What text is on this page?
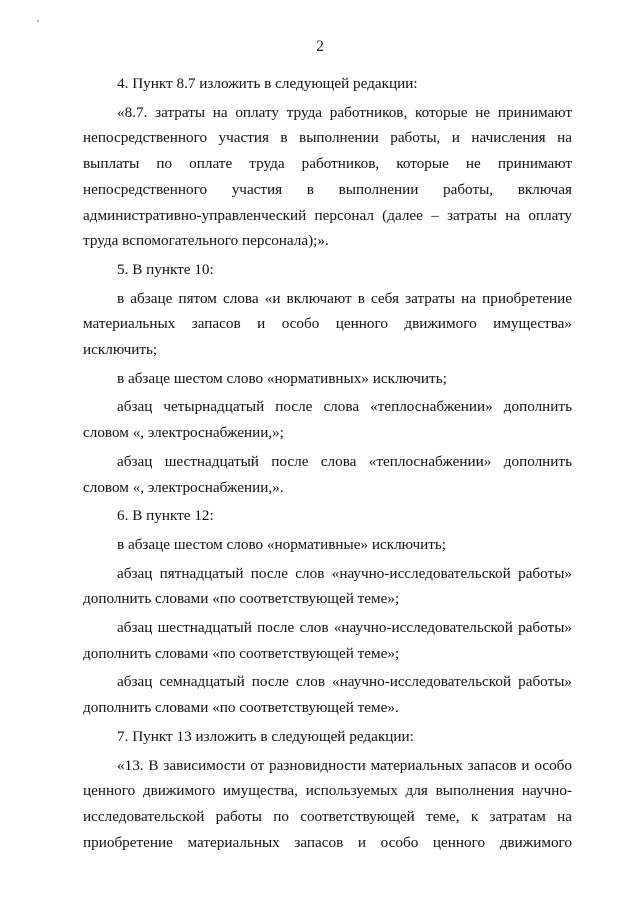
2

4. Пункт 8.7 изложить в следующей редакции:

«8.7. затраты на оплату труда работников, которые не принимают непосредственного участия в выполнении работы, и начисления на выплаты по оплате труда работников, которые не принимают непосредственного участия в выполнении работы, включая административно-управленческий персонал (далее – затраты на оплату труда вспомогательного персонала);».

5. В пункте 10:

в абзаце пятом слова «и включают в себя затраты на приобретение материальных запасов и особо ценного движимого имущества» исключить;

в абзаце шестом слово «нормативных» исключить;

абзац четырнадцатый после слова «теплоснабжении» дополнить словом «, электроснабжении,»;

абзац шестнадцатый после слова «теплоснабжении» дополнить словом «, электроснабжении,».

6. В пункте 12:

в абзаце шестом слово «нормативные» исключить;

абзац пятнадцатый после слов «научно-исследовательской работы» дополнить словами «по соответствующей теме»;

абзац шестнадцатый после слов «научно-исследовательской работы» дополнить словами «по соответствующей теме»;

абзац семнадцатый после слов «научно-исследовательской работы» дополнить словами «по соответствующей теме».

7. Пункт 13 изложить в следующей редакции:

«13. В зависимости от разновидности материальных запасов и особо ценного движимого имущества, используемых для выполнения научно-исследовательской работы по соответствующей теме, к затратам на приобретение материальных запасов и особо ценного движимого
